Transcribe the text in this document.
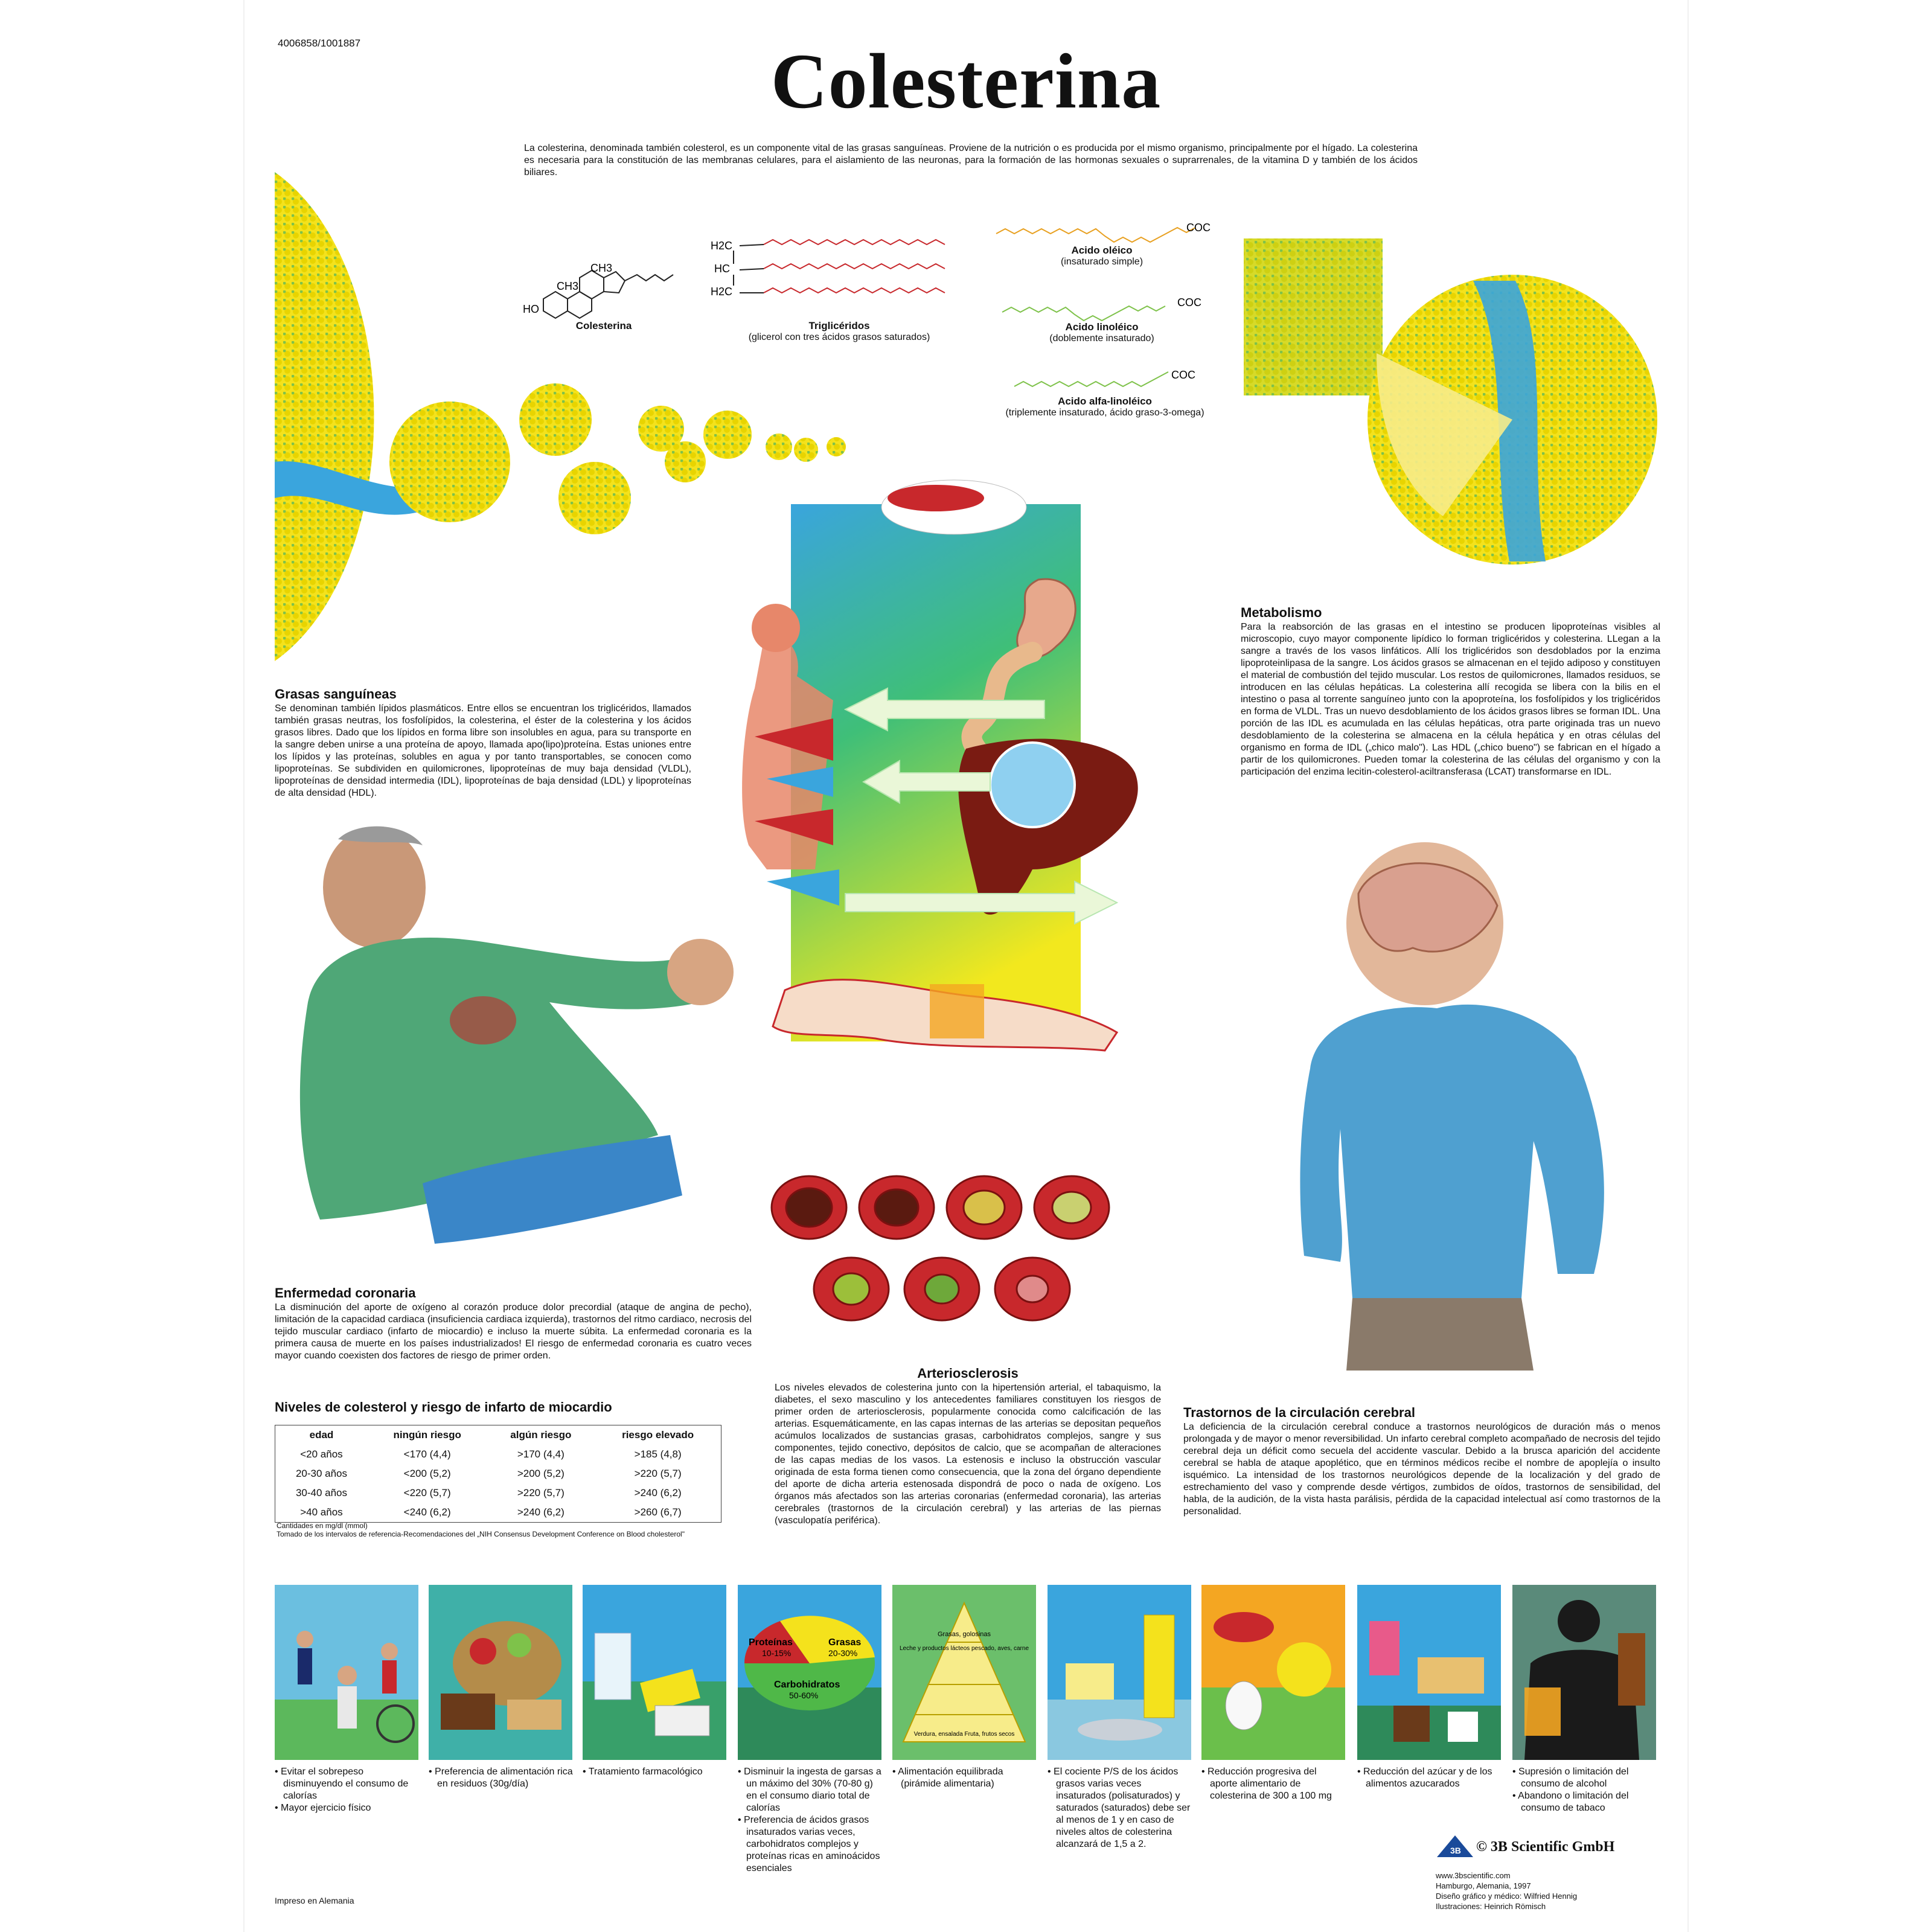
4006858/1001887	Colesterina
La colesterina, denominada también colesterol, es un componente vital de las grasas sanguíneas. Proviene de la nutrición o es producida por el mismo organismo, principalmente por el hígado. La colesterina es necesaria para la constitución de las membranas celulares, para el aislamiento de las neuronas, para la formación de las hormonas sexuales o suprarrenales, de la vitamina D y también de los ácidos biliares.
CH3
CH3
HO
Colesterina
H2C
HC
H2C
Triglicéridos
(glicerol con tres ácidos grasos saturados)
COC
COC
COC
Acido oléico
(insaturado simple)
Acido linoléico
(doblemente insaturado)
Acido alfa-linoléico
(triplemente insaturado, ácido graso-3-omega)
Grasas sanguíneas
Se denominan también lípidos plasmáticos. Entre ellos se encuentran los triglicéridos, llamados también grasas neutras, los fosfolípidos, la colesterina, el éster de la colesterina y los ácidos grasos libres. Dado que los lípidos en forma libre son insolubles en agua, para su transporte en la sangre deben unirse a una proteína de apoyo, llamada apo(lipo)proteína. Estas uniones entre los lípidos y las proteínas, solubles en agua y por tanto transportables, se conocen como lipoproteínas. Se subdividen en quilomicrones, lipoproteínas de muy baja densidad (VLDL), lipoproteínas de densidad intermedia (IDL), lipoproteínas de baja densidad (LDL) y lipoproteínas de alta densidad (HDL).
Metabolismo
Para la reabsorción de las grasas en el intestino se producen lipoproteínas visibles al microscopio, cuyo mayor componente lipídico lo forman triglicéridos y colesterina. LLegan a la sangre a través de los vasos linfáticos. Allí los triglicéridos son desdoblados por la enzima lipoproteinlipasa de la sangre. Los ácidos grasos se almacenan en el tejido adiposo y constituyen el material de combustión del tejido muscular. Los restos de quilomicrones, llamados residuos, se introducen en las células hepáticas. La colesterina allí recogida se libera con la bilis en el intestino o pasa al torrente sanguíneo junto con la apoproteína, los fosfolípidos y los triglicéridos en forma de VLDL. Tras un nuevo desdoblamiento de los ácidos grasos libres se forman IDL. Una porción de las IDL es acumulada en las células hepáticas, otra parte originada tras un nuevo desdoblamiento de la colesterina se almacena en la célula hepática y en otras células del organismo en forma de IDL („chico malo"). Las HDL („chico bueno") se fabrican en el hígado a partir de los quilomicrones. Pueden tomar la colesterina de las células del organismo y con la participación del enzima lecitin-colesterol-aciltransferasa (LCAT) transformarse en IDL.
Enfermedad coronaria
La disminución del aporte de oxígeno al corazón produce dolor precordial (ataque de angina de pecho), limitación de la capacidad cardiaca (insuficiencia cardiaca izquierda), trastornos del ritmo cardiaco, necrosis del tejido muscular cardiaco (infarto de miocardio) e incluso la muerte súbita. La enfermedad coronaria es la primera causa de muerte en los países industrializados! El riesgo de enfermedad coronaria es cuatro veces mayor cuando coexisten dos factores de riesgo de primer orden.
Arteriosclerosis
Los niveles elevados de colesterina junto con la hipertensión arterial, el tabaquismo, la diabetes, el sexo masculino y los antecedentes familiares constituyen los riesgos de primer orden de arteriosclerosis, popularmente conocida como calcificación de las arterias. Esquemáticamente, en las capas internas de las arterias se depositan pequeños acúmulos localizados de sustancias grasas, carbohidratos complejos, sangre y sus componentes, tejido conectivo, depósitos de calcio, que se acompañan de alteraciones de las capas medias de los vasos. La estenosis e incluso la obstrucción vascular originada de esta forma tienen como consecuencia, que la zona del órgano dependiente del aporte de dicha arteria estenosada dispondrá de poco o nada de oxígeno. Los órganos más afectados son las arterias coronarias (enfermedad coronaria), las arterias cerebrales (trastornos de la circulación cerebral) y las arterias de las piernas (vasculopatía periférica).
Trastornos de la circulación cerebral
La deficiencia de la circulación cerebral conduce a trastornos neurológicos de duración más o menos prolongada y de mayor o menor reversibilidad. Un infarto cerebral completo acompañado de necrosis del tejido cerebral deja un déficit como secuela del accidente vascular. Debido a la brusca aparición del accidente cerebral se habla de ataque apoplético, que en términos médicos recibe el nombre de apoplejía o insulto isquémico. La intensidad de los trastornos neurológicos depende de la localización y del grado de estrechamiento del vaso y comprende desde vértigos, zumbidos de oídos, trastornos de sensibilidad, del habla, de la audición, de la vista hasta parálisis, pérdida de la capacidad intelectual así como trastornos de la personalidad.
Niveles de colesterol y riesgo de infarto de miocardio
edad	ningún riesgo	algún riesgo	riesgo elevado
<20 años	<170 (4,4)	>170 (4,4)	>185 (4,8)
20-30 años	<200 (5,2)	>200 (5,2)	>220 (5,7)
30-40 años	<220 (5,7)	>220 (5,7)	>240 (6,2)
>40 años	<240 (6,2)	>240 (6,2)	>260 (6,7)
Cantidades en mg/dl (mmol)
Tomado de los intervalos de referencia-Recomendaciones del „NIH Consensus Development Conference on Blood cholesterol"
Proteínas
10-15%
Grasas
20-30%
Carbohidratos
50-60%
Grasas, golosinas
Leche y productos lácteos pescado, aves, carne
Verdura, ensalada Fruta, frutos secos
• Evitar el sobrepeso disminuyendo el consumo de calorías
• Mayor ejercicio físico
• Preferencia de alimentación rica en residuos (30g/día)
• Tratamiento farmacológico	• Disminuir la ingesta de garsas a un máximo del 30% (70-80 g) en el consumo diario total de calorías
• Preferencia de ácidos grasos insaturados varias veces, carbohidratos complejos y proteínas ricas en aminoácidos esenciales
• Alimentación equilibrada (pirámide alimentaria)
• El cociente P/S de los ácidos grasos varias veces insaturados (polisaturados) y saturados (saturados) debe ser al menos de 1 y en caso de niveles altos de colesterina alcanzará de 1,5 a 2.
• Reducción progresiva del aporte alimentario de colesterina de 300 a 100 mg
• Reducción del azúcar y de los alimentos azucarados
• Supresión o limitación del consumo de alcohol
• Abandono o limitación del consumo de tabaco
3B © 3B Scientific GmbH
www.3bscientific.com
Hamburgo, Alemania, 1997
Diseño gráfico y médico: Wilfried Hennig
Ilustraciones: Heinrich Römisch
Impreso en Alemania
